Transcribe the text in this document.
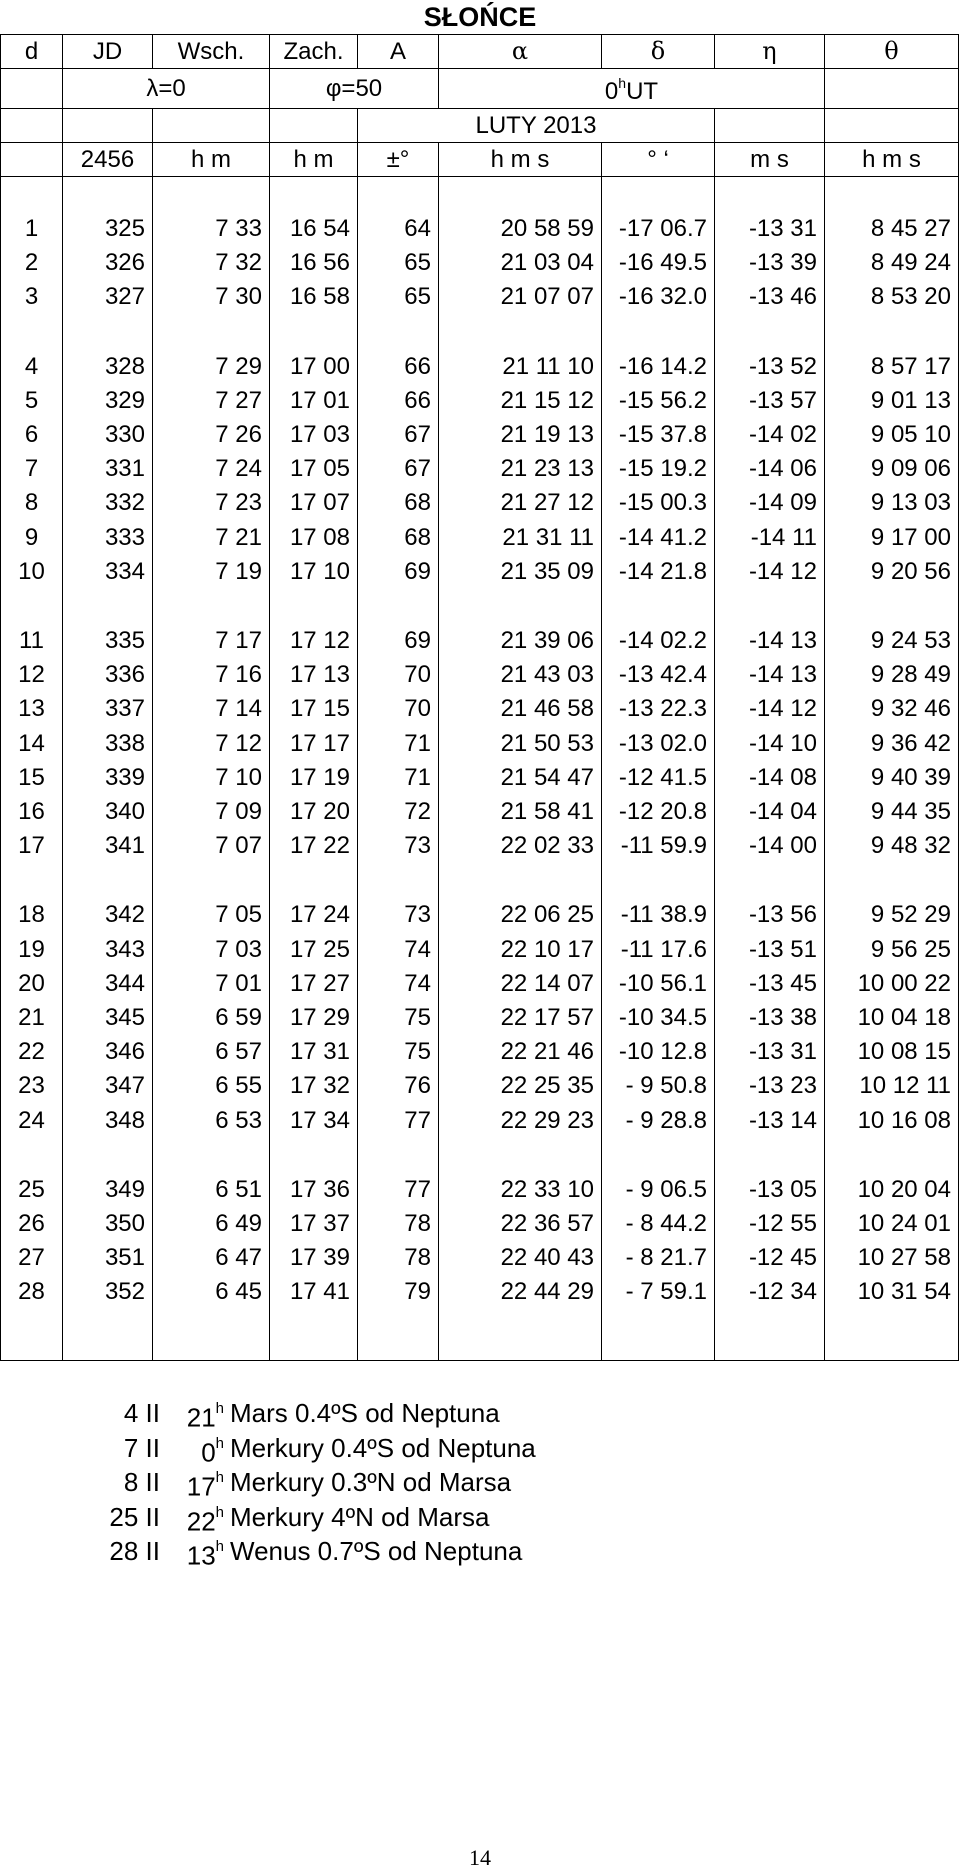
SŁOŃCE
d	JD	Wsch.	Zach.	A	α	δ	η	θ
	λ=0		φ=50		0$^h$UT			
				LUTY 2013				
	2456	h m	h m	±°	h m s	° ‘	m s	h m s

1	325	7 33	16 54	64	20 58 59	-17 06.7	-13 31	8 45 27
2	326	7 32	16 56	65	21 03 04	-16 49.5	-13 39	8 49 24
3	327	7 30	16 58	65	21 07 07	-16 32.0	-13 46	8 53 20

4	328	7 29	17 00	66	21 11 10	-16 14.2	-13 52	8 57 17
5	329	7 27	17 01	66	21 15 12	-15 56.2	-13 57	9 01 13
6	330	7 26	17 03	67	21 19 13	-15 37.8	-14 02	9 05 10
7	331	7 24	17 05	67	21 23 13	-15 19.2	-14 06	9 09 06
8	332	7 23	17 07	68	21 27 12	-15 00.3	-14 09	9 13 03
9	333	7 21	17 08	68	21 31 11	-14 41.2	-14 11	9 17 00
10	334	7 19	17 10	69	21 35 09	-14 21.8	-14 12	9 20 56

11	335	7 17	17 12	69	21 39 06	-14 02.2	-14 13	9 24 53
12	336	7 16	17 13	70	21 43 03	-13 42.4	-14 13	9 28 49
13	337	7 14	17 15	70	21 46 58	-13 22.3	-14 12	9 32 46
14	338	7 12	17 17	71	21 50 53	-13 02.0	-14 10	9 36 42
15	339	7 10	17 19	71	21 54 47	-12 41.5	-14 08	9 40 39
16	340	7 09	17 20	72	21 58 41	-12 20.8	-14 04	9 44 35
17	341	7 07	17 22	73	22 02 33	-11 59.9	-14 00	9 48 32

18	342	7 05	17 24	73	22 06 25	-11 38.9	-13 56	9 52 29
19	343	7 03	17 25	74	22 10 17	-11 17.6	-13 51	9 56 25
20	344	7 01	17 27	74	22 14 07	-10 56.1	-13 45	10 00 22
21	345	6 59	17 29	75	22 17 57	-10 34.5	-13 38	10 04 18
22	346	6 57	17 31	75	22 21 46	-10 12.8	-13 31	10 08 15
23	347	6 55	17 32	76	22 25 35	- 9 50.8	-13 23	10 12 11
24	348	6 53	17 34	77	22 29 23	- 9 28.8	-13 14	10 16 08

25	349	6 51	17 36	77	22 33 10	- 9 06.5	-13 05	10 20 04
26	350	6 49	17 37	78	22 36 57	- 8 44.2	-12 55	10 24 01
27	351	6 47	17 39	78	22 40 43	- 8 21.7	-12 45	10 27 58
28	352	6 45	17 41	79	22 44 29	- 7 59.1	-12 34	10 31 54

4 II	21$^h$ Mars 0.4ºS od Neptuna
7 II	0$^h$ Merkury 0.4ºS od Neptuna
8 II	17$^h$ Merkury 0.3ºN od Marsa
25 II	22$^h$ Merkury 4ºN od Marsa
28 II	13$^h$ Wenus 0.7ºS od Neptuna
14
